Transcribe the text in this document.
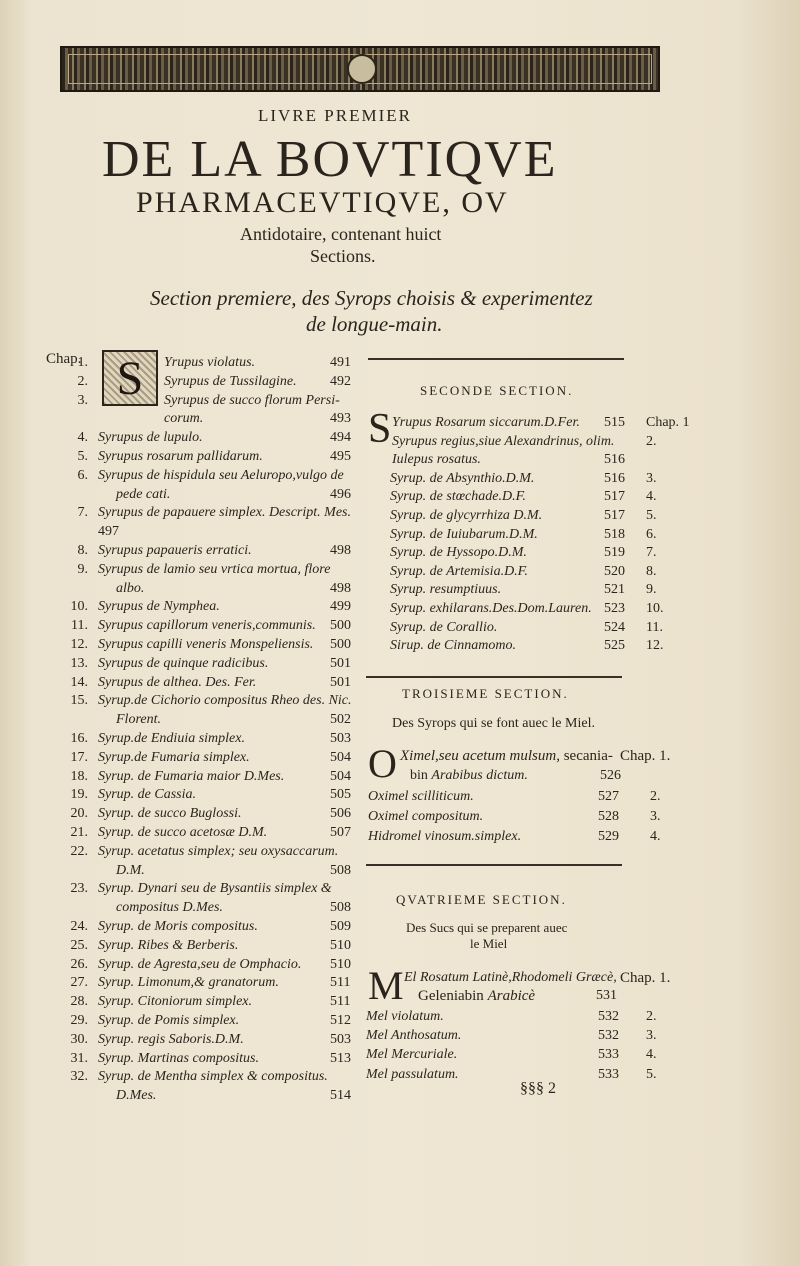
LIVRE PREMIER
DE LA BOVTIQVE
PHARMACEVTIQVE, OV
Antidotaire, contenant huict
Sections.
Section premiere, des Syrops choisis & experimentez
de longue-main.
Chap. S
1.	Yrupus violatus.	491
2.	Syrupus de Tussilagine. 492
3.	Syrupus de succo florum Persi-
corum.	493
4. Syrupus de lupulo.	494
5. Syrupus rosarum pallidarum.	495
6. Syrupus de hispidula seu Aeluropo,vulgo de
pede cati.	496
7. Syrupus de papauere simplex. Descript. Mes.
497
8. Syrupus papaueris erratici.	498
9. Syrupus de lamio seu vrtica mortua, flore
albo.	498
10. Syrupus de Nymphea.	499
11. Syrupus capillorum veneris,communis. 500
12. Syrupus capilli veneris Monspeliensis. 500
13. Syrupus de quinque radicibus.	501
14. Syrupus de althea. Des. Fer.	501
15. Syrup.de Cichorio compositus Rheo des. Nic.
Florent.	502
16. Syrup.de Endiuia simplex.	503
17. Syrup.de Fumaria simplex.	504
18. Syrup. de Fumaria maior D.Mes.	504
19. Syrup. de Cassia.	505
20. Syrup. de succo Buglossi.	506
21. Syrup. de succo acetosæ D.M.	507
22. Syrup. acetatus simplex; seu oxysaccarum.
D.M.	508
23. Syrup. Dynari seu de Bysantiis simplex &
compositus D.Mes.	508
24. Syrup. de Moris compositus.	509
25. Syrup. Ribes & Berberis.	510
26. Syrup. de Agresta,seu de Omphacio. 510
27. Syrup. Limonum,& granatorum.	511
28. Syrup. Citoniorum simplex.	511
29. Syrup. de Pomis simplex.	512
30. Syrup. regis Saboris.D.M.	503
31. Syrup. Martinas compositus.	513
32. Syrup. de Mentha simplex & compositus.
D.Mes.	514
SECONDE SECTION.
S Yrupus Rosarum siccarum.D.Fer. 515 Chap. 1
Syrupus regius,siue Alexandrinus, olim. 2.
Iulepus rosatus.	516
Syrup. de Absynthio.D.M.	516 3.
Syrup. de stœchade.D.F.	517 4.
Syrup. de glycyrrhiza D.M.	517 5.
Syrup. de Iuiubarum.D.M.	518 6.
Syrup. de Hyssopo.D.M.	519 7.
Syrup. de Artemisia.D.F.	520 8.
Syrup. resumptiuus.	521 9.
Syrup. exhilarans.Des.Dom.Lauren. 523 10.
Syrup. de Corallio.	524 11.
Sirup. de Cinnamomo.	525 12.
TROISIEME SECTION.
Des Syrops qui se font auec le Miel.
O Ximel,seu acetum mulsum, secania- Chap. 1.
bin Arabibus dictum.	526
Oximel scilliticum.	527 2.
Oximel compositum.	528 3.
Hidromel vinosum.simplex.	529 4.
QVATRIEME SECTION.
Des Sucs qui se preparent auec
le Miel
M El Rosatum Latinè,Rhodomeli Græcè, Chap. 1.
Geleniabin Arabicè	531
Mel violatum.	532 2.
Mel Anthosatum.	532 3.
Mel Mercuriale.	533 4.
Mel passulatum.	533 5.
§§§ 2
